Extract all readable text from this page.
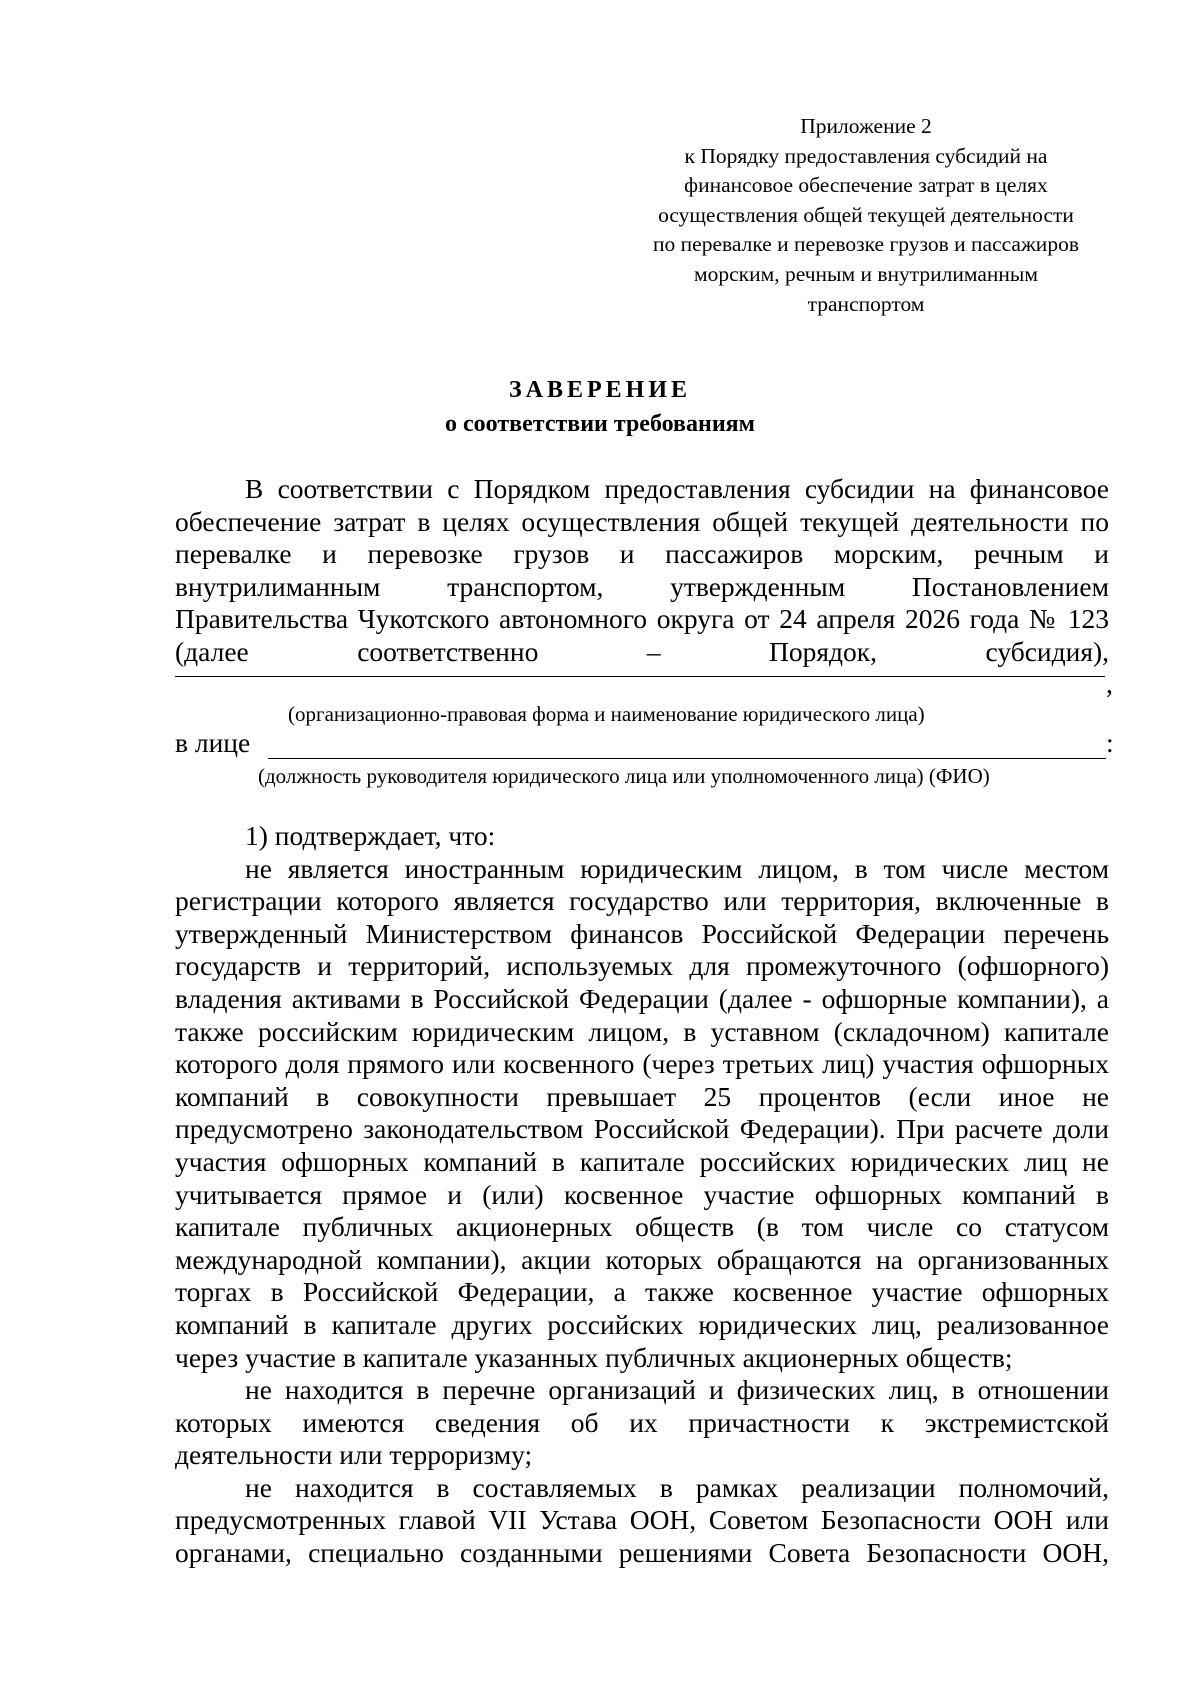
Приложение 2
к Порядку предоставления субсидий на
финансовое обеспечение затрат в целях
осуществления общей текущей деятельности
по перевалке и перевозке грузов и пассажиров
морским, речным и внутрилиманным
транспортом
ЗАВЕРЕНИЕ
о соответствии требованиям
В соответствии с Порядком предоставления субсидии на финансовое
обеспечение затрат в целях осуществления общей текущей деятельности по
перевалке и перевозке грузов и пассажиров морским, речным и
внутрилиманным транспортом, утвержденным Постановлением
Правительства Чукотского автономного округа от 24 апреля 2026 года № 123
(далее	соответственно	–	Порядок,	субсидия),
,
(организационно-правовая форма и наименование юридического лица)
в лице	:
(должность руководителя юридического лица или уполномоченного лица) (ФИО)
1) подтверждает, что:
не является иностранным юридическим лицом, в том числе местом
регистрации которого является государство или территория, включенные в
утвержденный Министерством финансов Российской Федерации перечень
государств и территорий, используемых для промежуточного (офшорного)
владения активами в Российской Федерации (далее - офшорные компании), а
также российским юридическим лицом, в уставном (складочном) капитале
которого доля прямого или косвенного (через третьих лиц) участия офшорных
компаний в совокупности превышает 25 процентов (если иное не
предусмотрено законодательством Российской Федерации). При расчете доли
участия офшорных компаний в капитале российских юридических лиц не
учитывается прямое и (или) косвенное участие офшорных компаний в
капитале публичных акционерных обществ (в том числе со статусом
международной компании), акции которых обращаются на организованных
торгах в Российской Федерации, а также косвенное участие офшорных
компаний в капитале других российских юридических лиц, реализованное
через участие в капитале указанных публичных акционерных обществ;
не находится в перечне организаций и физических лиц, в отношении
которых имеются сведения об их причастности к экстремистской
деятельности или терроризму;
не находится в составляемых в рамках реализации полномочий,
предусмотренных главой VII Устава ООН, Советом Безопасности ООН или
органами, специально созданными решениями Совета Безопасности ООН,
